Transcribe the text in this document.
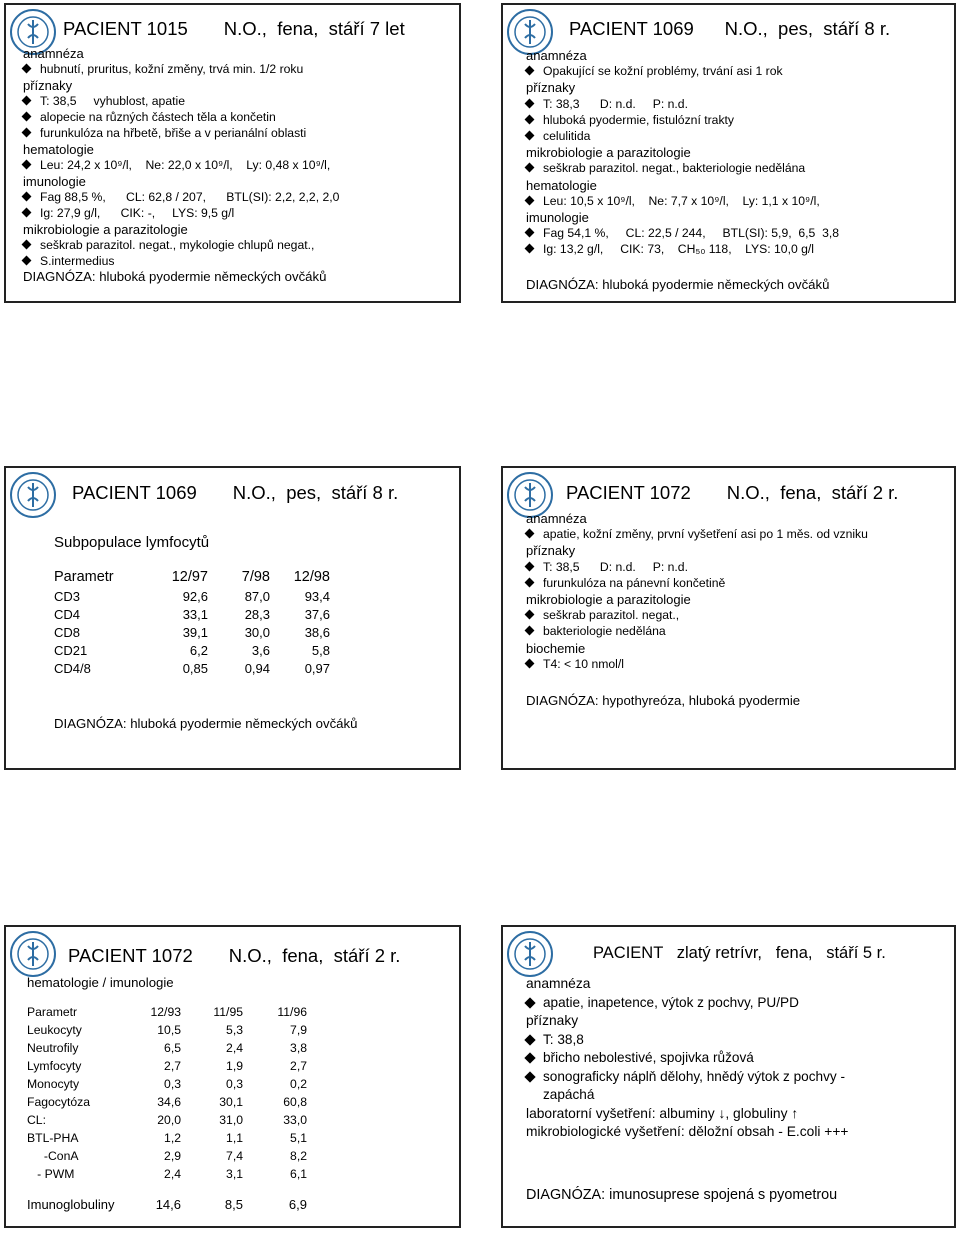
PACIENT 1015       N.O.,  fena,  stáří 7 let
anamnéza
hubnutí, pruritus, kožní změny, trvá min. 1/2 roku
příznaky
T: 38,5     vyhublost, apatie
alopecie na různých částech těla a končetin
furunkulóza na hřbetě, břiše a v perianální oblasti
hematologie
Leu: 24,2 x 10⁹/l,    Ne: 22,0 x 10⁹/l,    Ly: 0,48 x 10⁹/l,
imunologie
Fag 88,5 %,      CL: 62,8 / 207,      BTL(SI): 2,2, 2,2, 2,0
Ig: 27,9 g/l,      CIK: -,     LYS: 9,5 g/l
mikrobiologie a parazitologie
seškrab parazitol. negat., mykologie chlupů negat.,
S.intermedius
DIAGNÓZA: hluboká pyodermie německých ovčáků
PACIENT 1069      N.O.,  pes,  stáří 8 r.
anamnéza
Opakující se kožní problémy, trvání asi 1 rok
příznaky
T: 38,3      D: n.d.     P: n.d.
hluboká pyodermie, fistulózní trakty
celulitida
mikrobiologie a parazitologie
seškrab parazitol. negat., bakteriologie nedělána
hematologie
Leu: 10,5 x 10⁹/l,    Ne: 7,7 x 10⁹/l,    Ly: 1,1 x 10⁹/l,
imunologie
Fag 54,1 %,     CL: 22,5 / 244,     BTL(SI): 5,9,  6,5  3,8
Ig: 13,2 g/l,     CIK: 73,    CH₅₀ 118,    LYS: 10,0 g/l
DIAGNÓZA: hluboká pyodermie německých ovčáků
PACIENT 1069       N.O.,  pes,  stáří 8 r.
Subpopulace lymfocytů
Parametr	12/97	7/98	12/98
CD3	92,6	87,0	93,4
CD4	33,1	28,3	37,6
CD8	39,1	30,0	38,6
CD21	6,2	3,6	5,8
CD4/8	0,85	0,94	0,97
DIAGNÓZA: hluboká pyodermie německých ovčáků
PACIENT 1072       N.O.,  fena,  stáří 2 r.
anamnéza
apatie, kožní změny, první vyšetření asi po 1 měs. od vzniku
příznaky
T: 38,5      D: n.d.     P: n.d.
furunkulóza na pánevní končetině
mikrobiologie a parazitologie
seškrab parazitol. negat.,
bakteriologie nedělána
biochemie
T4: < 10 nmol/l
DIAGNÓZA: hypothyreóza, hluboká pyodermie
PACIENT 1072       N.O.,  fena,  stáří 2 r.
hematologie / imunologie
Parametr	12/93	11/95	11/96
Leukocyty	10,5	5,3	7,9
Neutrofily	6,5	2,4	3,8
Lymfocyty	2,7	1,9	2,7
Monocyty	0,3	0,3	0,2
Fagocytóza	34,6	30,1	60,8
CL:	20,0	31,0	33,0
BTL-PHA	1,2	1,1	5,1
-ConA	2,9	7,4	8,2
- PWM	2,4	3,1	6,1

Imunoglobuliny	14,6	8,5	6,9
PACIENT   zlatý retrívr,   fena,   stáří 5 r.
anamnéza
apatie, inapetence, výtok z pochvy, PU/PD
příznaky
T: 38,8
břicho nebolestivé, spojivka růžová
sonograficky náplň dělohy, hnědý výtok z pochvy -
zapáchá
laboratorní vyšetření: albuminy ↓, globuliny ↑
mikrobiologické vyšetření: děložní obsah - E.coli +++
DIAGNÓZA: imunosuprese spojená s pyometrou
